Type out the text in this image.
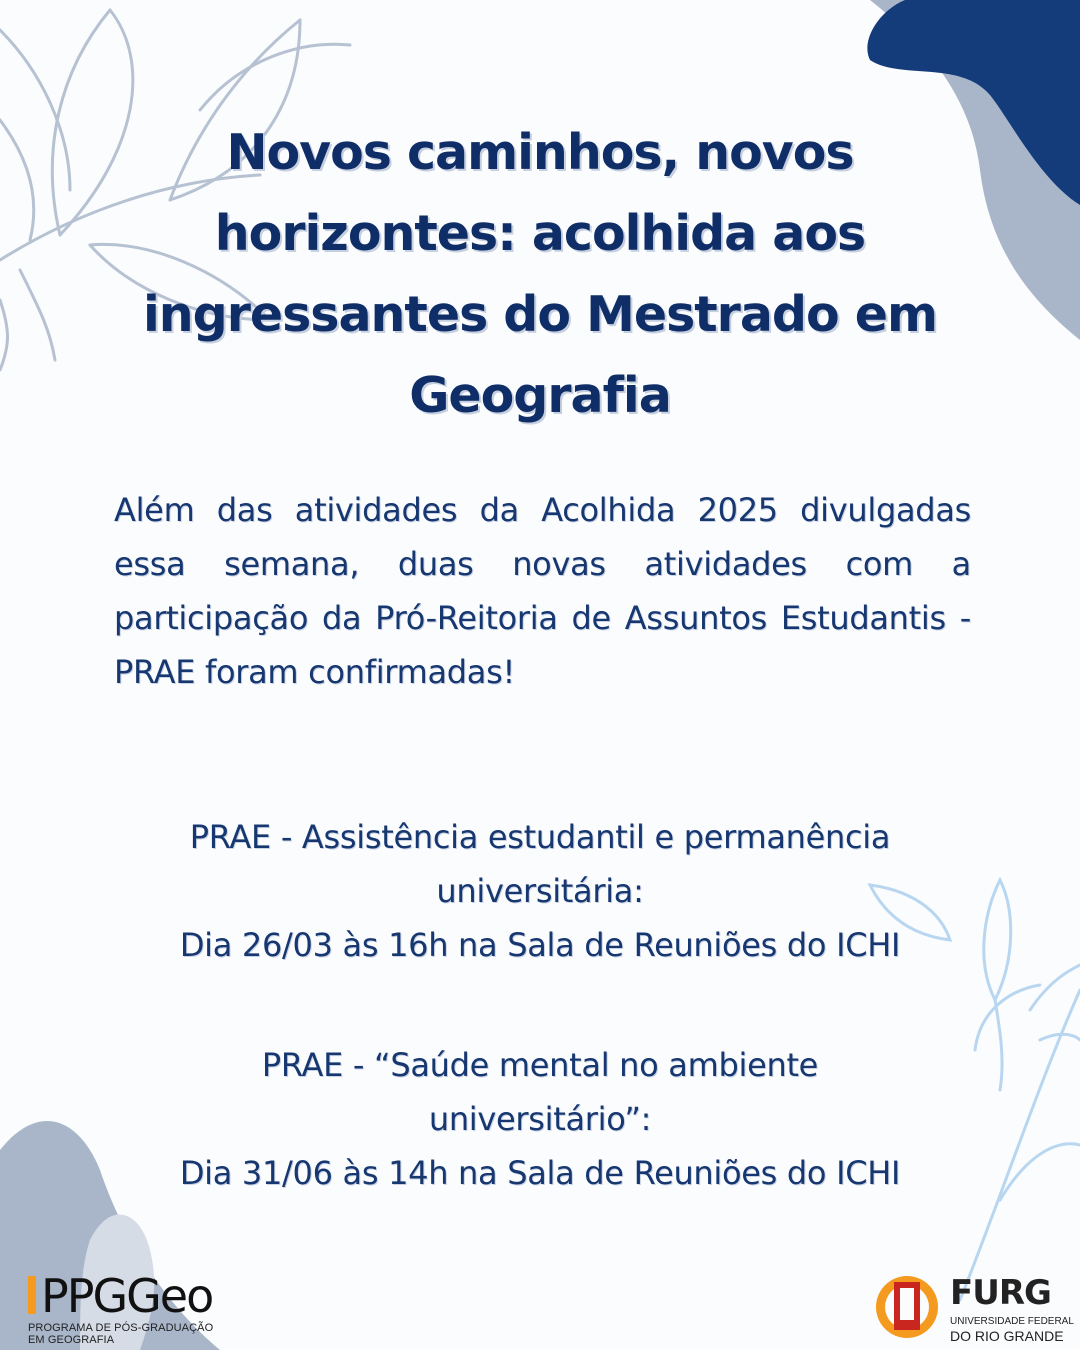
Novos caminhos, novos horizontes: acolhida aos ingressantes do Mestrado em Geografia

Além das atividades da Acolhida 2025 divulgadas essa semana, duas novas atividades com a participação da Pró-Reitoria de Assuntos Estudantis - PRAE foram confirmadas!

PRAE - Assistência estudantil e permanência

universitária:

Dia 26/03 às 16h na Sala de Reuniões do ICHI

PRAE - “Saúde mental no ambiente

universitário”:

Dia 31/06 às 14h na Sala de Reuniões do ICHI

PPGGeo
PROGRAMA DE PÓS-GRADUAÇÃO
EM GEOGRAFIA
FURG
UNIVERSIDADE FEDERAL
DO RIO GRANDE
